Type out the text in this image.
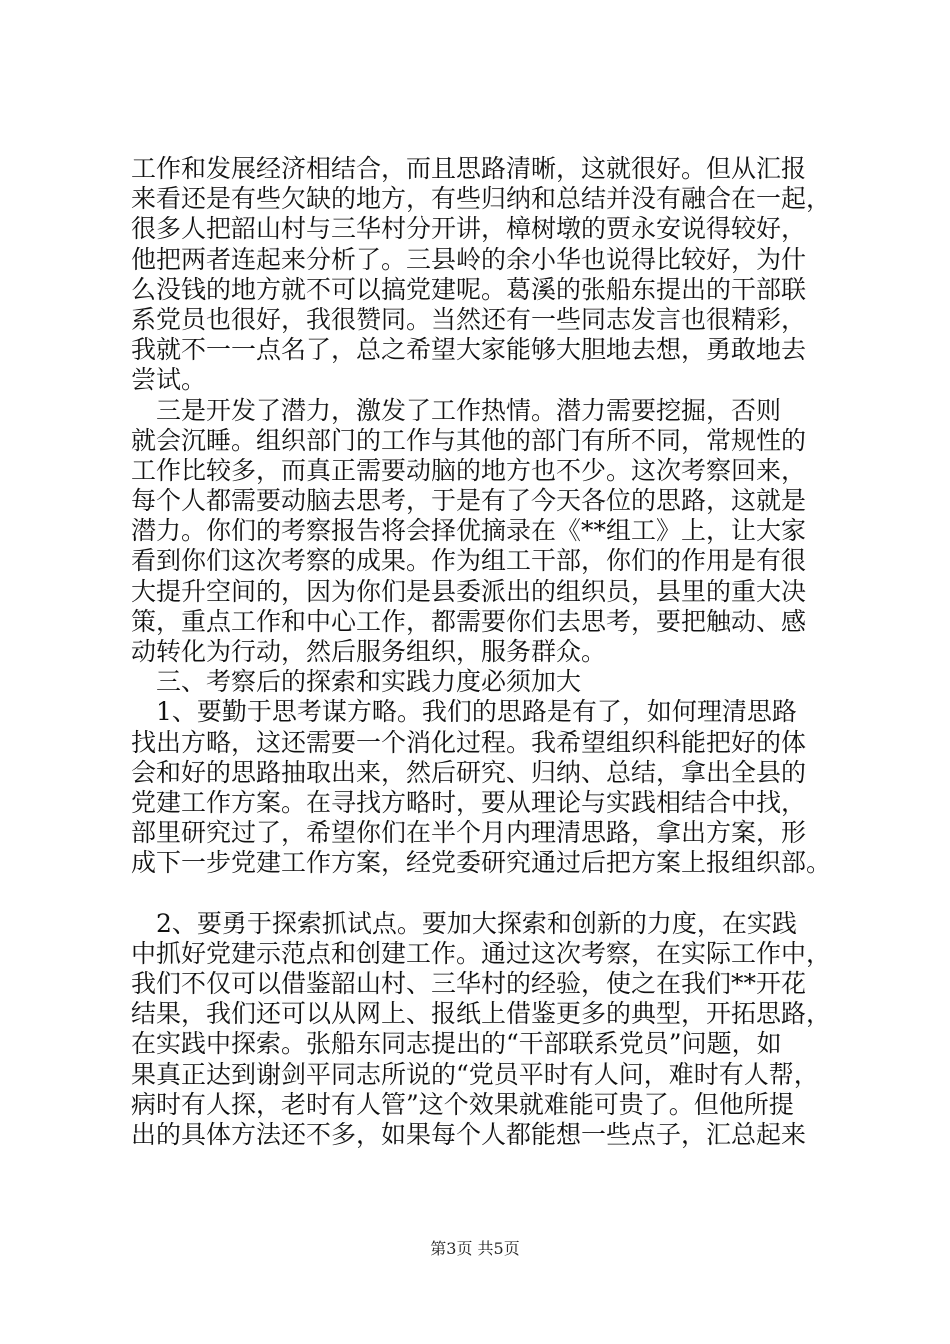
工作和发展经济相结合，而且思路清晰，这就很好。但从汇报
来看还是有些欠缺的地方，有些归纳和总结并没有融合在一起，
很多人把韶山村与三华村分开讲，樟树墩的贾永安说得较好，
他把两者连起来分析了。三县岭的余小华也说得比较好，为什
么没钱的地方就不可以搞党建呢。葛溪的张船东提出的干部联
系党员也很好，我很赞同。当然还有一些同志发言也很精彩，
我就不一一点名了，总之希望大家能够大胆地去想，勇敢地去
尝试。
　三是开发了潜力，激发了工作热情。潜力需要挖掘，否则
就会沉睡。组织部门的工作与其他的部门有所不同，常规性的
工作比较多，而真正需要动脑的地方也不少。这次考察回来，
每个人都需要动脑去思考，于是有了今天各位的思路，这就是
潜力。你们的考察报告将会择优摘录在《**组工》上，让大家
看到你们这次考察的成果。作为组工干部，你们的作用是有很
大提升空间的，因为你们是县委派出的组织员，县里的重大决
策，重点工作和中心工作，都需要你们去思考，要把触动、感
动转化为行动，然后服务组织，服务群众。
　三、考察后的探索和实践力度必须加大
　1、要勤于思考谋方略。我们的思路是有了，如何理清思路
找出方略，这还需要一个消化过程。我希望组织科能把好的体
会和好的思路抽取出来，然后研究、归纳、总结，拿出全县的
党建工作方案。在寻找方略时，要从理论与实践相结合中找，
部里研究过了，希望你们在半个月内理清思路，拿出方案，形
成下一步党建工作方案，经党委研究通过后把方案上报组织部。
　2、要勇于探索抓试点。要加大探索和创新的力度，在实践
中抓好党建示范点和创建工作。通过这次考察，在实际工作中，
我们不仅可以借鉴韶山村、三华村的经验，使之在我们**开花
结果，我们还可以从网上、报纸上借鉴更多的典型，开拓思路，
在实践中探索。张船东同志提出的“干部联系党员”问题，如
果真正达到谢剑平同志所说的“党员平时有人问，难时有人帮，
病时有人探，老时有人管”这个效果就难能可贵了。但他所提
出的具体方法还不多，如果每个人都能想一些点子，汇总起来
第3页 共5页
